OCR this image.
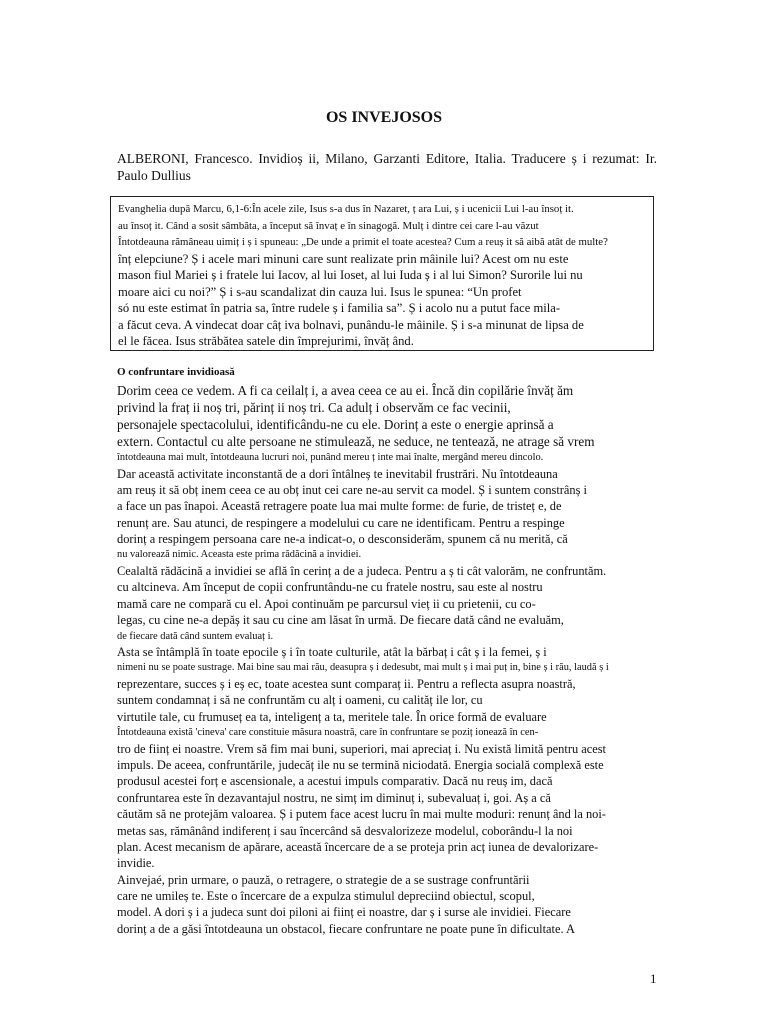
OS INVEJOSOS
ALBERONI, Francesco. Invidioș ii, Milano, Garzanti Editore, Italia. Traducere ș i rezumat: Ir. Paulo Dullius
Evanghelia după Marcu, 6,1-6:În acele zile, Isus s-a dus în Nazaret, ț ara Lui, ș i ucenicii Lui l-au însoț it.
au însoț it. Când a sosit sâmbăta, a început să învaț e în sinagogă. Mulț i dintre cei care l-au văzut
Întotdeauna rămâneau uimiț i ș i spuneau: „De unde a primit el toate acestea? Cum a reuș it să aibă atât de multe?
înț elepciune? Ș i acele mari minuni care sunt realizate prin mâinile lui? Acest om nu este
mason fiul Mariei ș i fratele lui Iacov, al lui Ioset, al lui Iuda ș i al lui Simon? Surorile lui nu
moare aici cu noi?” Ș i s-au scandalizat din cauza lui. Isus le spunea: “Un profet
só nu este estimat în patria sa, între rudele ș i familia sa”. Ș i acolo nu a putut face mila-
a făcut ceva. A vindecat doar câț iva bolnavi, punându-le mâinile. Ș i s-a minunat de lipsa de
el le făcea. Isus străbătea satele din împrejurimi, învăț ând.
O confruntare invidioasă
Dorim ceea ce vedem. A fi ca ceilalț i, a avea ceea ce au ei. Încă din copilărie învăț ăm
privind la fraț ii noș tri, părinț ii noș tri. Ca adulț i observăm ce fac vecinii,
personajele spectacolului, identificându-ne cu ele. Dorinț a este o energie aprinsă a
extern. Contactul cu alte persoane ne stimulează, ne seduce, ne tentează, ne atrage să vrem
întotdeauna mai mult, întotdeauna lucruri noi, punând mereu ț inte mai înalte, mergând mereu dincolo.
Dar această activitate inconstantă de a dori întâlneș te inevitabil frustrări. Nu întotdeauna
am reuș it să obț inem ceea ce au obț inut cei care ne-au servit ca model. Ș i suntem constrânș i
a face un pas înapoi. Această retragere poate lua mai multe forme: de furie, de tristeț e, de
renunț are. Sau atunci, de respingere a modelului cu care ne identificam. Pentru a respinge
dorinț a respingem persoana care ne-a indicat-o, o desconsiderăm, spunem că nu merită, că
nu valorează nimic. Aceasta este prima rădăcină a invidiei.
Cealaltă rădăcină a invidiei se află în cerinț a de a judeca. Pentru a ș ti cât valorăm, ne confruntăm.
cu altcineva. Am început de copii confruntându-ne cu fratele nostru, sau este al nostru
mamă care ne compară cu el. Apoi continuăm pe parcursul vieț ii cu prietenii, cu co-
legas, cu cine ne-a depăș it sau cu cine am lăsat în urmă. De fiecare dată când ne evaluăm,
de fiecare dată când suntem evaluaț i.
Asta se întâmplă în toate epocile ș i în toate culturile, atât la bărbaț i cât ș i la femei, ș i
nimeni nu se poate sustrage. Mai bine sau mai rău, deasupra ș i dedesubt, mai mult ș i mai puț in, bine ș i rău, laudă ș i
reprezentare, succes ș i eș ec, toate acestea sunt comparaț ii. Pentru a reflecta asupra noastră,
suntem condamnaț i să ne confruntăm cu alț i oameni, cu calităț ile lor, cu
virtutile tale, cu frumuseț ea ta, inteligenț a ta, meritele tale. În orice formă de evaluare
Întotdeauna există 'cineva' care constituie măsura noastră, care în confruntare se poziț ionează în cen-
tro de ființ ei noastre. Vrem să fim mai buni, superiori, mai apreciaț i. Nu există limită pentru acest
impuls. De aceea, confruntările, judecăț ile nu se termină niciodată. Energia socială complexă este
produsul acestei forț e ascensionale, a acestui impuls comparativ. Dacă nu reuș im, dacă
confruntarea este în dezavantajul nostru, ne simț im diminuț i, subevaluaț i, goi. Aș a că
căutăm să ne protejăm valoarea. Ș i putem face acest lucru în mai multe moduri: renunț ând la noi-
metas sas, rămânând indiferenț i sau încercând să desvalorizeze modelul, coborându-l la noi
plan. Acest mecanism de apărare, această încercare de a se proteja prin acț iunea de devalorizare-
invidie.
Ainvejaé, prin urmare, o pauză, o retragere, o strategie de a se sustrage confruntării
care ne umileș te. Este o încercare de a expulza stimulul depreciind obiectul, scopul,
model. A dori ș i a judeca sunt doi piloni ai ființ ei noastre, dar ș i surse ale invidiei. Fiecare
dorinț a de a găsi întotdeauna un obstacol, fiecare confruntare ne poate pune în dificultate. A
1
